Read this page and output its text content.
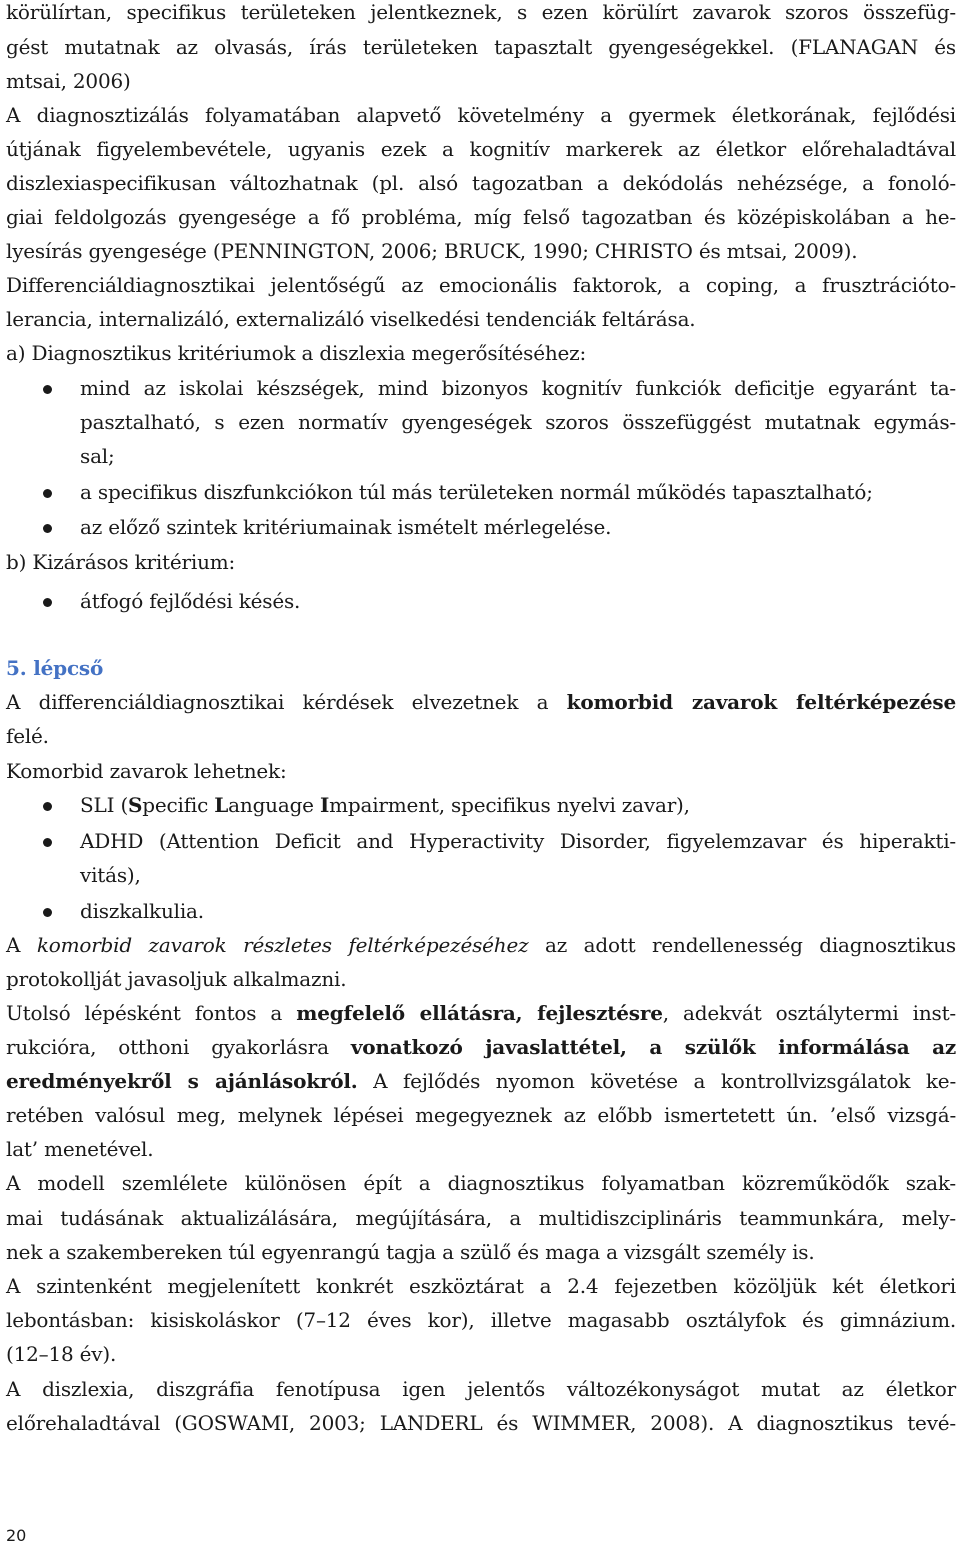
körülírtan, specifikus területeken jelentkeznek, s ezen körülírt zavarok szoros összefüg-
gést mutatnak az olvasás, írás területeken tapasztalt gyengeségekkel. (FLANAGAN és
mtsai, 2006)
A diagnosztizálás folyamatában alapvető követelmény a gyermek életkorának, fejlődési
útjának figyelembevétele, ugyanis ezek a kognitív markerek az életkor előrehaladtával
diszlexiaspecifikusan változhatnak (pl. alsó tagozatban a dekódolás nehézsége, a fonoló-
giai feldolgozás gyengesége a fő probléma, míg felső tagozatban és középiskolában a he-
lyesírás gyengesége (PENNINGTON, 2006; BRUCK, 1990; CHRISTO és mtsai, 2009).
Differenciáldiagnosztikai jelentőségű az emocionális faktorok, a coping, a frusztrációto-
lerancia, internalizáló, externalizáló viselkedési tendenciák feltárása.
a) Diagnosztikus kritériumok a diszlexia megerősítéséhez:
mind az iskolai készségek, mind bizonyos kognitív funkciók deficitje egyaránt ta-
pasztalható, s ezen normatív gyengeségek szoros összefüggést mutatnak egymás-
sal;
a specifikus diszfunkciókon túl más területeken normál működés tapasztalható;
az előző szintek kritériumainak ismételt mérlegelése.
b) Kizárásos kritérium:
átfogó fejlődési késés.
5. lépcső
A differenciáldiagnosztikai kérdések elvezetnek a komorbid zavarok feltérképezése
felé.
Komorbid zavarok lehetnek:
SLI (Specific Language Impairment, specifikus nyelvi zavar),
ADHD (Attention Deficit and Hyperactivity Disorder, figyelemzavar és hiperakti-
vitás),
diszkalkulia.
A komorbid zavarok részletes feltérképezéséhez az adott rendellenesség diagnosztikus
protokollját javasoljuk alkalmazni.
Utolsó lépésként fontos a megfelelő ellátásra, fejlesztésre, adekvát osztálytermi inst-
rukcióra, otthoni gyakorlásra vonatkozó javaslattétel, a szülők informálása az
eredményekről s ajánlásokról. A fejlődés nyomon követése a kontrollvizsgálatok ke-
retében valósul meg, melynek lépései megegyeznek az előbb ismertetett ún. ’első vizsgá-
lat’ menetével.
A modell szemlélete különösen épít a diagnosztikus folyamatban közreműködők szak-
mai tudásának aktualizálására, megújítására, a multidiszciplináris teammunkára, mely-
nek a szakembereken túl egyenrangú tagja a szülő és maga a vizsgált személy is.
A szintenként megjelenített konkrét eszköztárat a 2.4 fejezetben közöljük két életkori
lebontásban: kisiskoláskor (7–12 éves kor), illetve magasabb osztályfok és gimnázium.
(12–18 év).
A diszlexia, diszgráfia fenotípusa igen jelentős változékonyságot mutat az életkor
előrehaladtával (GOSWAMI, 2003; LANDERL és WIMMER, 2008). A diagnosztikus tevé-
20
